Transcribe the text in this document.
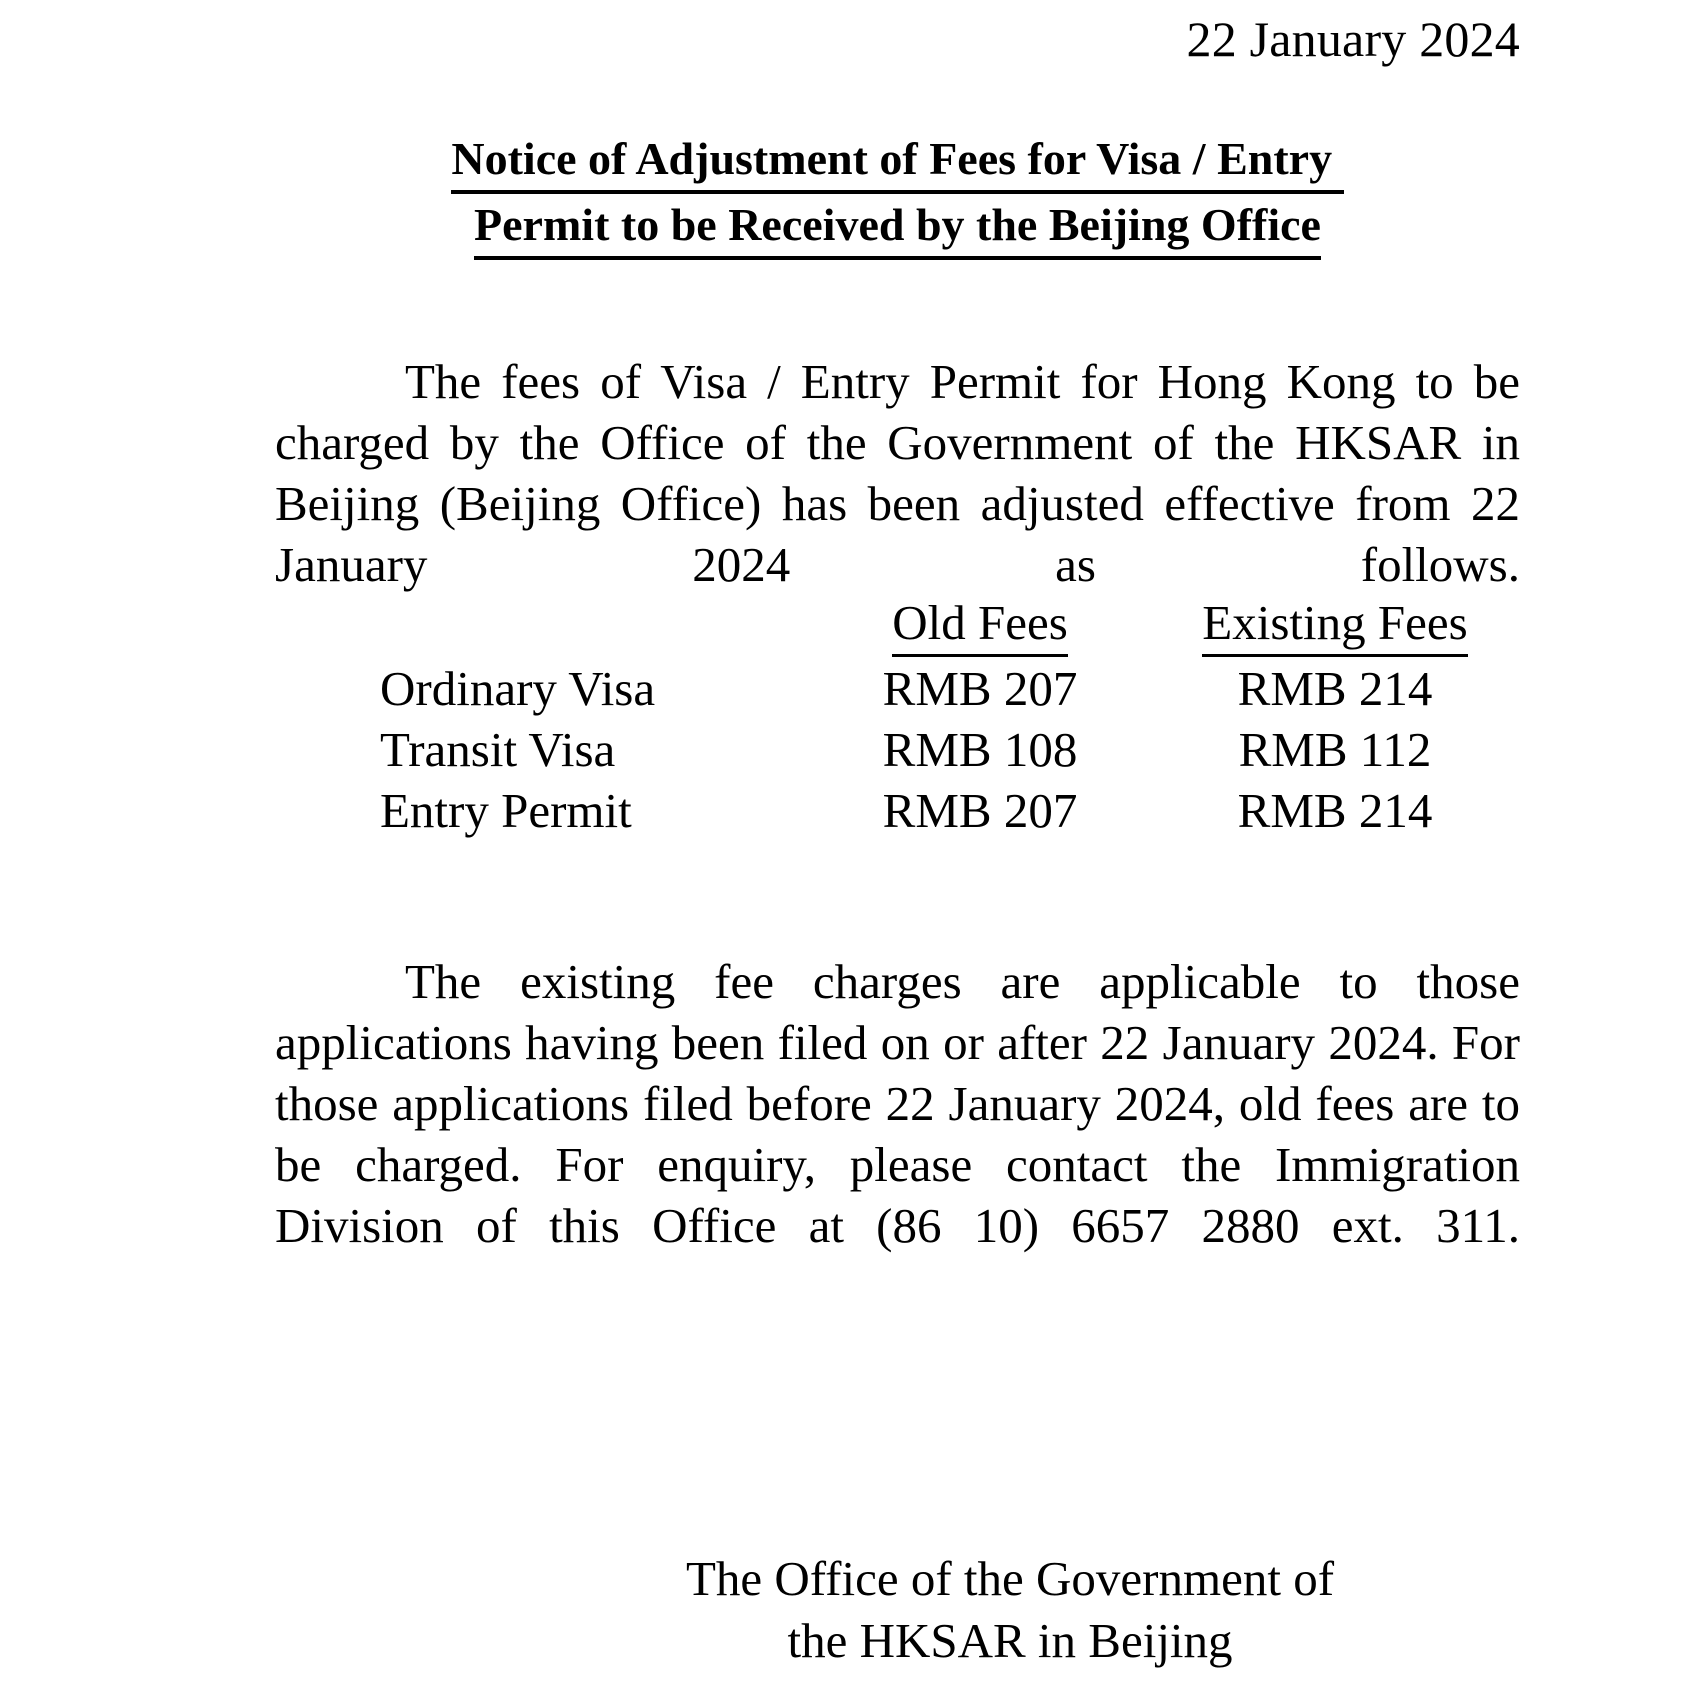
22 January 2024
Notice of Adjustment of Fees for Visa / Entry
Permit to be Received by the Beijing Office

The fees of Visa / Entry Permit for Hong Kong to be charged by the Office of the Government of the HKSAR in Beijing (Beijing Office) has been adjusted effective from 22 January 2024 as follows.

	Old Fees	Existing Fees
Ordinary Visa	RMB 207	RMB 214
Transit Visa	RMB 108	RMB 112
Entry Permit	RMB 207	RMB 214

The existing fee charges are applicable to those applications having been filed on or after 22 January 2024. For those applications filed before 22 January 2024, old fees are to be charged. For enquiry, please contact the Immigration Division of this Office at (86 10) 6657 2880 ext. 311.

The Office of the Government of
the HKSAR in Beijing
